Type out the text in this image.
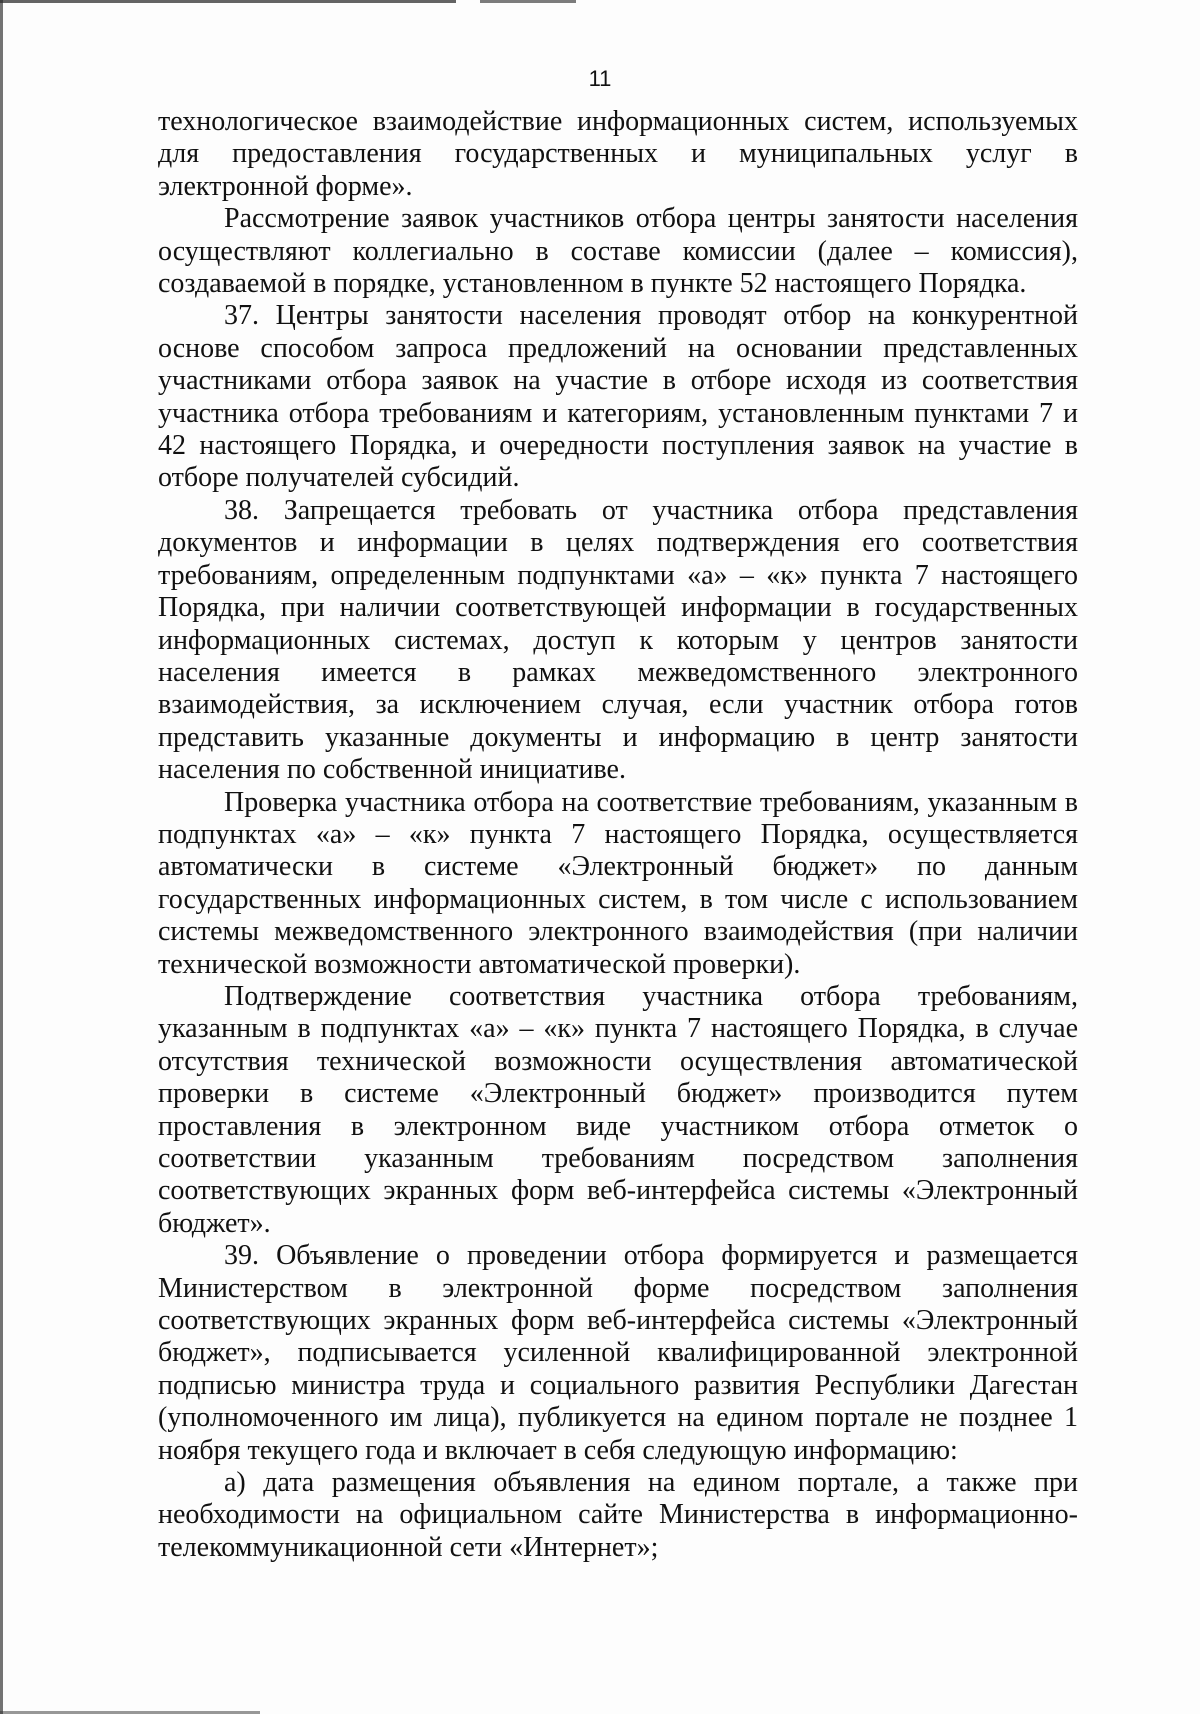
11

технологическое взаимодействие информационных систем, используемых для предоставления государственных и муниципальных услуг в электронной форме».

Рассмотрение заявок участников отбора центры занятости населения осуществляют коллегиально в составе комиссии (далее – комиссия), создаваемой в порядке, установленном в пункте 52 настоящего Порядка.

37. Центры занятости населения проводят отбор на конкурентной основе способом запроса предложений на основании представленных участниками отбора заявок на участие в отборе исходя из соответствия участника отбора требованиям и категориям, установленным пунктами 7 и 42 настоящего Порядка, и очередности поступления заявок на участие в отборе получателей субсидий.

38. Запрещается требовать от участника отбора представления документов и информации в целях подтверждения его соответствия требованиям, определенным подпунктами «а» – «к» пункта 7 настоящего Порядка, при наличии соответствующей информации в государственных информационных системах, доступ к которым у центров занятости населения имеется в рамках межведомственного электронного взаимодействия, за исключением случая, если участник отбора готов представить указанные документы и информацию в центр занятости населения по собственной инициативе.

Проверка участника отбора на соответствие требованиям, указанным в подпунктах «а» – «к» пункта 7 настоящего Порядка, осуществляется автоматически в системе «Электронный бюджет» по данным государственных информационных систем, в том числе с использованием системы межведомственного электронного взаимодействия (при наличии технической возможности автоматической проверки).

Подтверждение соответствия участника отбора требованиям, указанным в подпунктах «а» – «к» пункта 7 настоящего Порядка, в случае отсутствия технической возможности осуществления автоматической проверки в системе «Электронный бюджет» производится путем проставления в электронном виде участником отбора отметок о соответствии указанным требованиям посредством заполнения соответствующих экранных форм веб-интерфейса системы «Электронный бюджет».

39. Объявление о проведении отбора формируется и размещается Министерством в электронной форме посредством заполнения соответствующих экранных форм веб-интерфейса системы «Электронный бюджет», подписывается усиленной квалифицированной электронной подписью министра труда и социального развития Республики Дагестан (уполномоченного им лица), публикуется на едином портале не позднее 1 ноября текущего года и включает в себя следующую информацию:

а) дата размещения объявления на едином портале, а также при необходимости на официальном сайте Министерства в информационно-телекоммуникационной сети «Интернет»;
